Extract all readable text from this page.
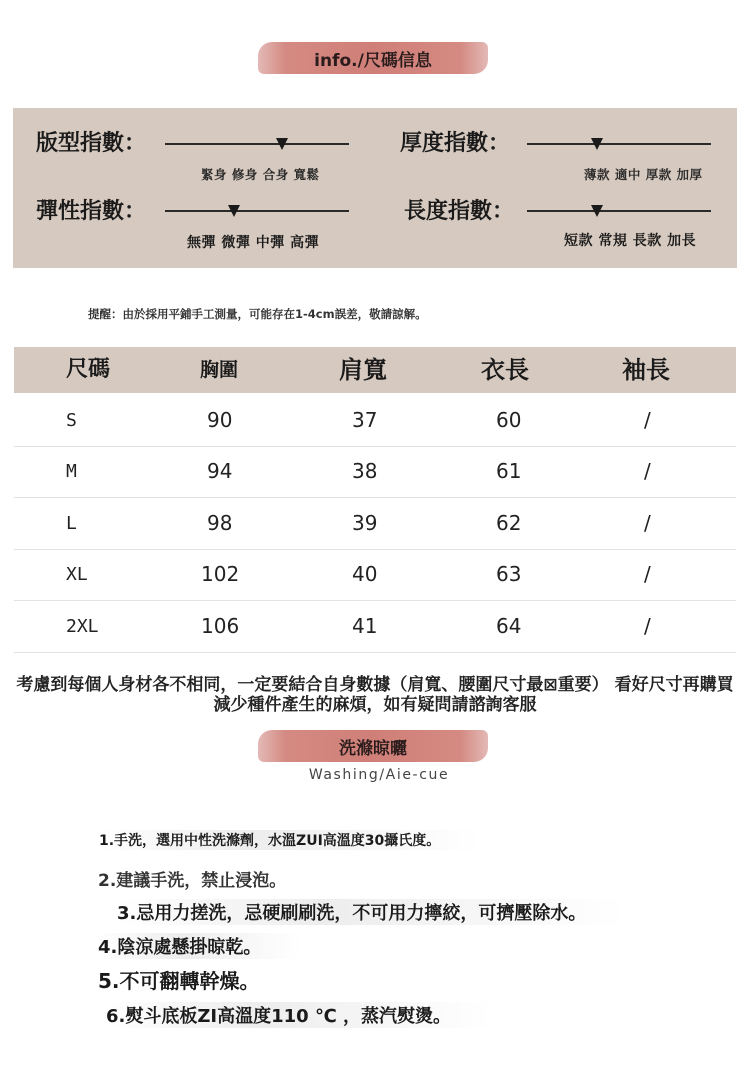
info./尺碼信息
版型指數：
緊身 修身 合身 寬鬆
厚度指數：
薄款 適中 厚款 加厚
彈性指數：
無彈 微彈 中彈 高彈
長度指數：
短款 常規 長款 加長
提醒：由於採用平鋪手工測量，可能存在1-4cm誤差，敬請諒解。
尺碼	胸圍	肩寬	衣長	袖長
S	90	37	60	/
M	94	38	61	/
L	98	39	62	/
XL	102	40	63	/
2XL	106	41	64	/
考慮到每個人身材各不相同，一定要結合自身數據（肩寬、腰圍尺寸最⊠重要） 看好尺寸再購買減少種件產生的麻煩，如有疑問請諮詢客服
洗滌晾曬
Washing/Aie-cue
1.手洗，選用中性洗滌劑，水溫ZUI高溫度30攝氏度。
2.建議手洗，禁止浸泡。
3.忌用力搓洗，忌硬刷刷洗，不可用力擰絞，可擠壓除水。
4.陰涼處懸掛晾乾。
5.不可翻轉幹燥。
6.熨斗底板ZI高溫度110 ℃ ，蒸汽熨燙。
